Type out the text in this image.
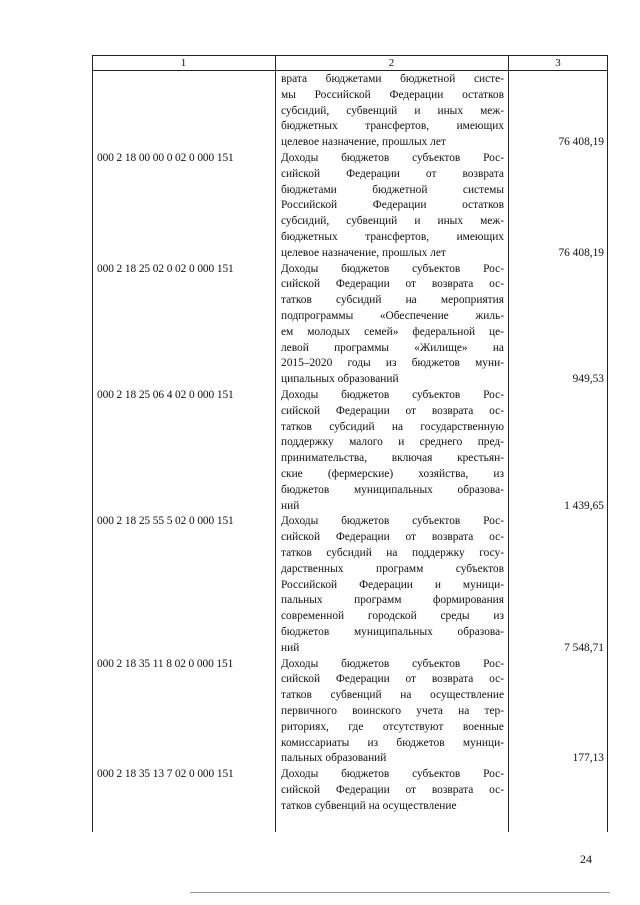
1	2	3
врата бюджетами бюджетной систе-
мы Российской Федерации остатков
субсидий, субвенций и иных меж-
бюджетных трансфертов, имеющих
целевое назначение, прошлых лет	76 408,19
000 2 18 00 00 0 02 0 000 151	Доходы бюджетов субъектов Рос-
сийской Федерации от возврата
бюджетами бюджетной системы
Российской Федерации остатков
субсидий, субвенций и иных меж-
бюджетных трансфертов, имеющих
целевое назначение, прошлых лет	76 408,19
000 2 18 25 02 0 02 0 000 151	Доходы бюджетов субъектов Рос-
сийской Федерации от возврата ос-
татков субсидий на мероприятия
подпрограммы «Обеспечение жиль-
ем молодых семей» федеральной це-
левой программы «Жилище» на
2015–2020 годы из бюджетов муни-
ципальных образований	949,53
000 2 18 25 06 4 02 0 000 151	Доходы бюджетов субъектов Рос-
сийской Федерации от возврата ос-
татков субсидий на государственную
поддержку малого и среднего пред-
принимательства, включая крестьян-
ские (фермерские) хозяйства, из
бюджетов муниципальных образова-
ний	1 439,65
000 2 18 25 55 5 02 0 000 151	Доходы бюджетов субъектов Рос-
сийской Федерации от возврата ос-
татков субсидий на поддержку госу-
дарственных программ субъектов
Российской Федерации и муници-
пальных программ формирования
современной городской среды из
бюджетов муниципальных образова-
ний	7 548,71
000 2 18 35 11 8 02 0 000 151	Доходы бюджетов субъектов Рос-
сийской Федерации от возврата ос-
татков субвенций на осуществление
первичного воинского учета на тер-
риториях, где отсутствуют военные
комиссариаты из бюджетов муници-
пальных образований	177,13
000 2 18 35 13 7 02 0 000 151	Доходы бюджетов субъектов Рос-
сийской Федерации от возврата ос-
татков субвенций на осуществление
24
